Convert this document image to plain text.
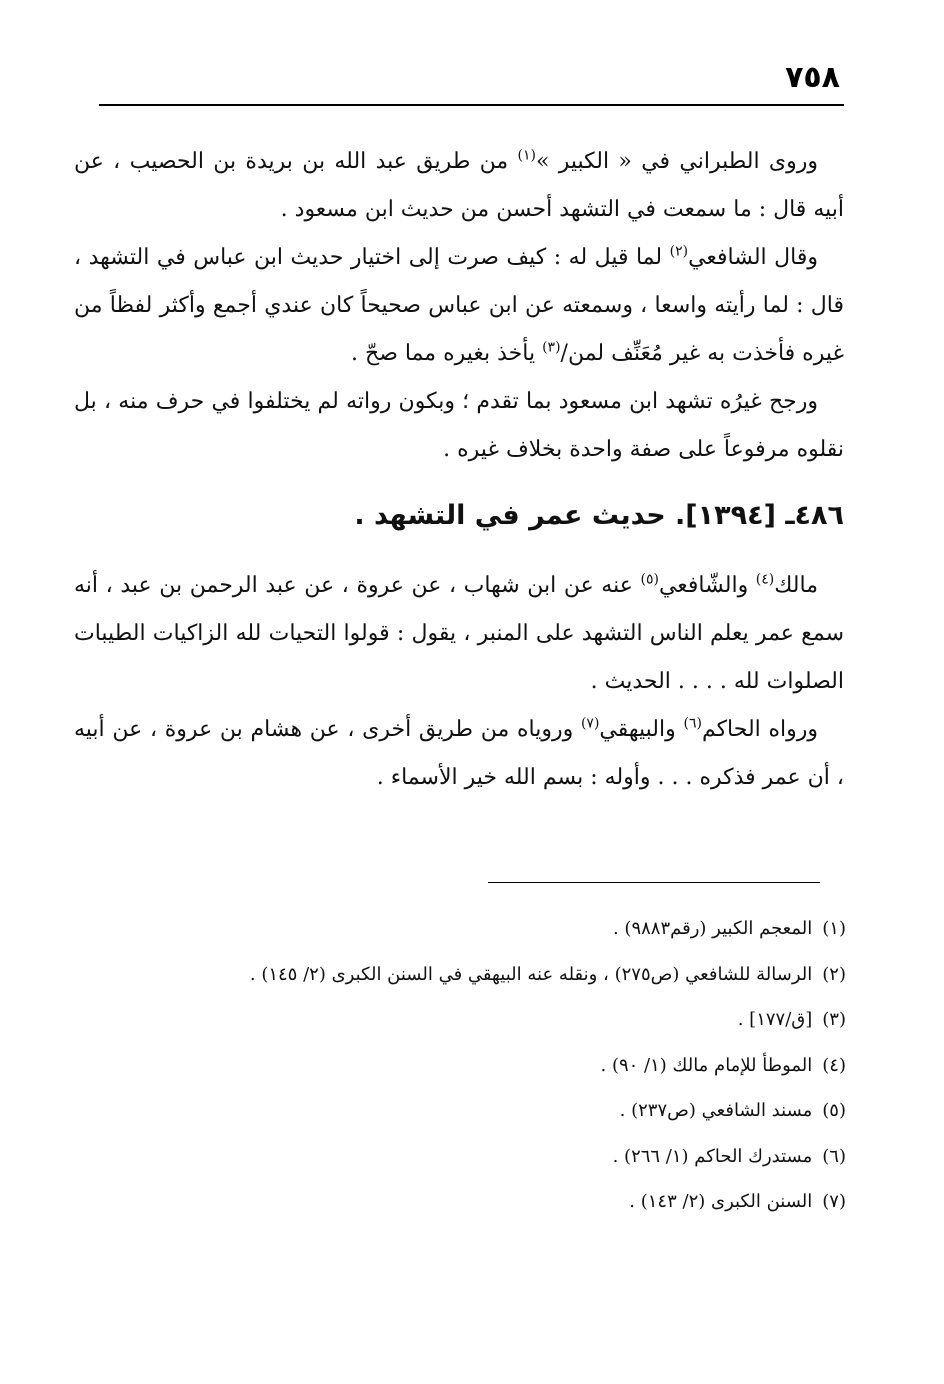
٧٥٨

وروى الطبراني في « الكبير »$^{(١)}$ من طريق عبد الله بن بريدة بن الحصيب ، عن أبيه قال : ما سمعت في التشهد أحسن من حديث ابن مسعود .

وقال الشافعي$^{(٢)}$ لما قيل له : كيف صرت إلى اختيار حديث ابن عباس في التشهد ، قال : لما رأيته واسعا ، وسمعته عن ابن عباس صحيحاً كان عندي أجمع وأكثر لفظاً من غيره فأخذت به غير مُعَنِّف لمن/$^{(٣)}$ يأخذ بغيره مما صحّ .

ورجح غيرُه تشهد ابن مسعود بما تقدم ؛ وبكون رواته لم يختلفوا في حرف منه ، بل نقلوه مرفوعاً على صفة واحدة بخلاف غيره .

٤٨٦ـ [١٣٩٤]. حديث عمر في التشهد .

مالك$^{(٤)}$ والشّافعي$^{(٥)}$ عنه عن ابن شهاب ، عن عروة ، عن عبد الرحمن بن عبد ، أنه سمع عمر يعلم الناس التشهد على المنبر ، يقول : قولوا التحيات لله الزاكيات الطيبات الصلوات لله . . . . الحديث .

ورواه الحاكم$^{(٦)}$ والبيهقي$^{(٧)}$ وروياه من طريق أخرى ، عن هشام بن عروة ، عن أبيه ، أن عمر فذكره . . . وأوله : بسم الله خير الأسماء .

(١)المعجم الكبير (رقم٩٨٨٣) .

(٢)الرسالة للشافعي (ص٢٧٥) ، ونقله عنه البيهقي في السنن الكبرى (٢/ ١٤٥) .

(٣)[ق/١٧٧] .

(٤)الموطأ للإمام مالك (١/ ٩٠) .

(٥)مسند الشافعي (ص٢٣٧) .

(٦)مستدرك الحاكم (١/ ٢٦٦) .

(٧)السنن الكبرى (٢/ ١٤٣) .
